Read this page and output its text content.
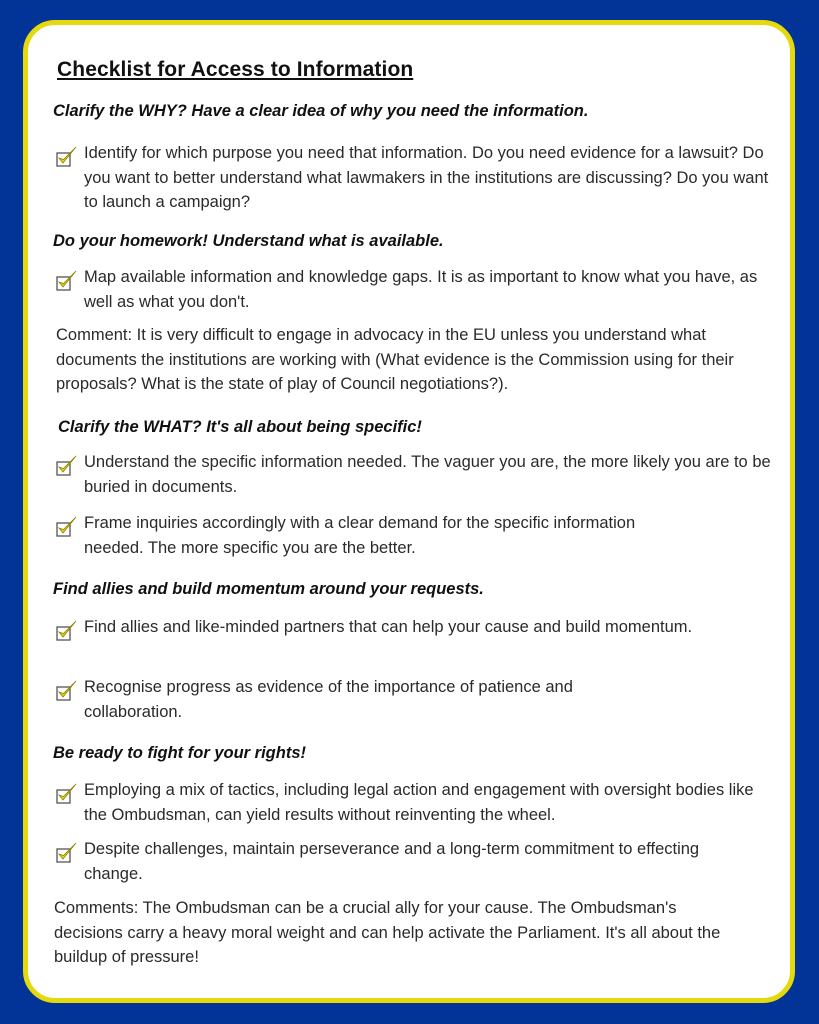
Checklist for Access to Information
Clarify the WHY? Have a clear idea of why you need the information.
Identify for which purpose you need that information. Do you need evidence for a lawsuit? Do you want to better understand what lawmakers in the institutions are discussing? Do you want to launch a campaign?
Do your homework! Understand what is available.
Map available information and knowledge gaps. It is as important to know what you have, as well as what you don't.

Comment: It is very difficult to engage in advocacy in the EU unless you understand what documents the institutions are working with (What evidence is the Commission using for their proposals? What is the state of play of Council negotiations?).

Clarify the WHAT? It's all about being specific!
Understand the specific information needed. The vaguer you are, the more likely you are to be buried in documents.
Frame inquiries accordingly with a clear demand for the specific information needed. The more specific you are the better.
Find allies and build momentum around your requests.
Find allies and like-minded partners that can help your cause and build momentum.
Recognise progress as evidence of the importance of patience and collaboration.
Be ready to fight for your rights!
Employing a mix of tactics, including legal action and engagement with oversight bodies like the Ombudsman, can yield results without reinventing the wheel.
Despite challenges, maintain perseverance and a long-term commitment to effecting change.

Comments: The Ombudsman can be a crucial ally for your cause. The Ombudsman's decisions carry a heavy moral weight and can help activate the Parliament. It's all about the buildup of pressure!
